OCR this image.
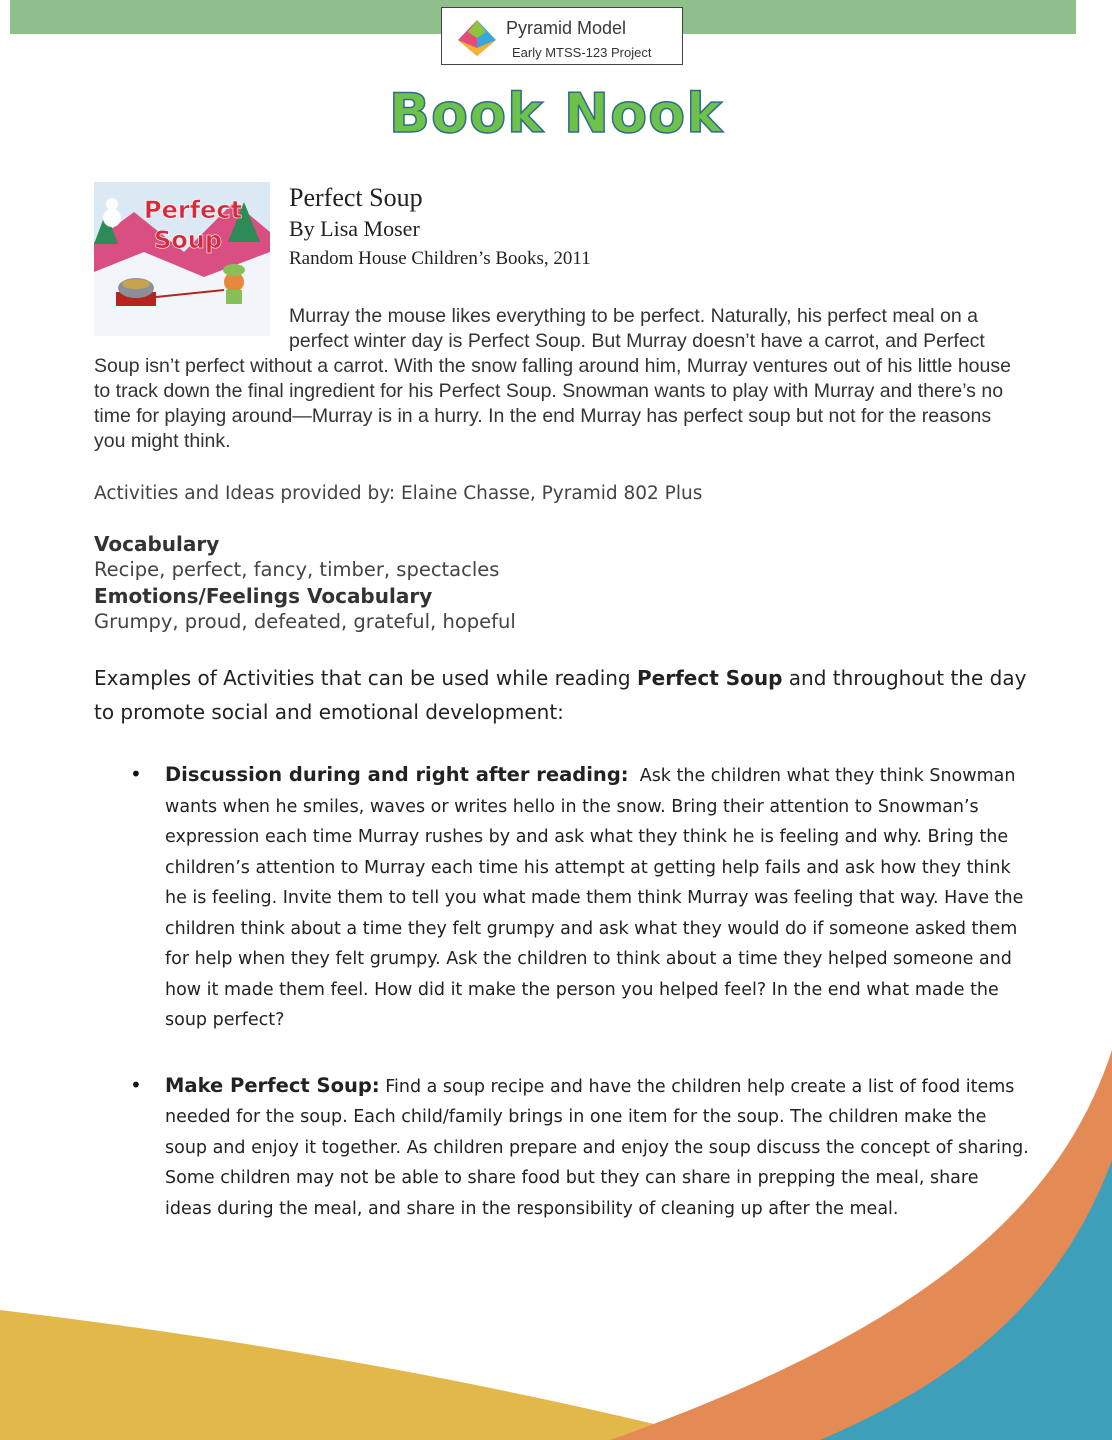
Pyramid Model
Early MTSS-123 Project
Book Nook
Perfect
Soup
Perfect Soup
By Lisa Moser
Random House Children’s Books, 2011
Murray the mouse likes everything to be perfect. Naturally, his perfect meal on a perfect winter day is Perfect Soup. But Murray doesn’t have a carrot, and Perfect Soup isn’t perfect without a carrot. With the snow falling around him, Murray ventures out of his little house to track down the final ingredient for his Perfect Soup. Snowman wants to play with Murray and there’s no time for playing around—Murray is in a hurry. In the end Murray has perfect soup but not for the reasons you might think.
Activities and Ideas provided by: Elaine Chasse, Pyramid 802 Plus
Vocabulary
Recipe, perfect, fancy, timber, spectacles
Emotions/Feelings Vocabulary
Grumpy, proud, defeated, grateful, hopeful
Examples of Activities that can be used while reading Perfect Soup and throughout the day to promote social and emotional development:
• Discussion during and right after reading: Ask the children what they think Snowman wants when he smiles, waves or writes hello in the snow. Bring their attention to Snowman’s expression each time Murray rushes by and ask what they think he is feeling and why. Bring the children’s attention to Murray each time his attempt at getting help fails and ask how they think he is feeling. Invite them to tell you what made them think Murray was feeling that way. Have the children think about a time they felt grumpy and ask what they would do if someone asked them for help when they felt grumpy. Ask the children to think about a time they helped someone and how it made them feel. How did it make the person you helped feel? In the end what made the soup perfect?
• Make Perfect Soup: Find a soup recipe and have the children help create a list of food items needed for the soup. Each child/family brings in one item for the soup. The children make the soup and enjoy it together. As children prepare and enjoy the soup discuss the concept of sharing. Some children may not be able to share food but they can share in prepping the meal, share ideas during the meal, and share in the responsibility of cleaning up after the meal.
